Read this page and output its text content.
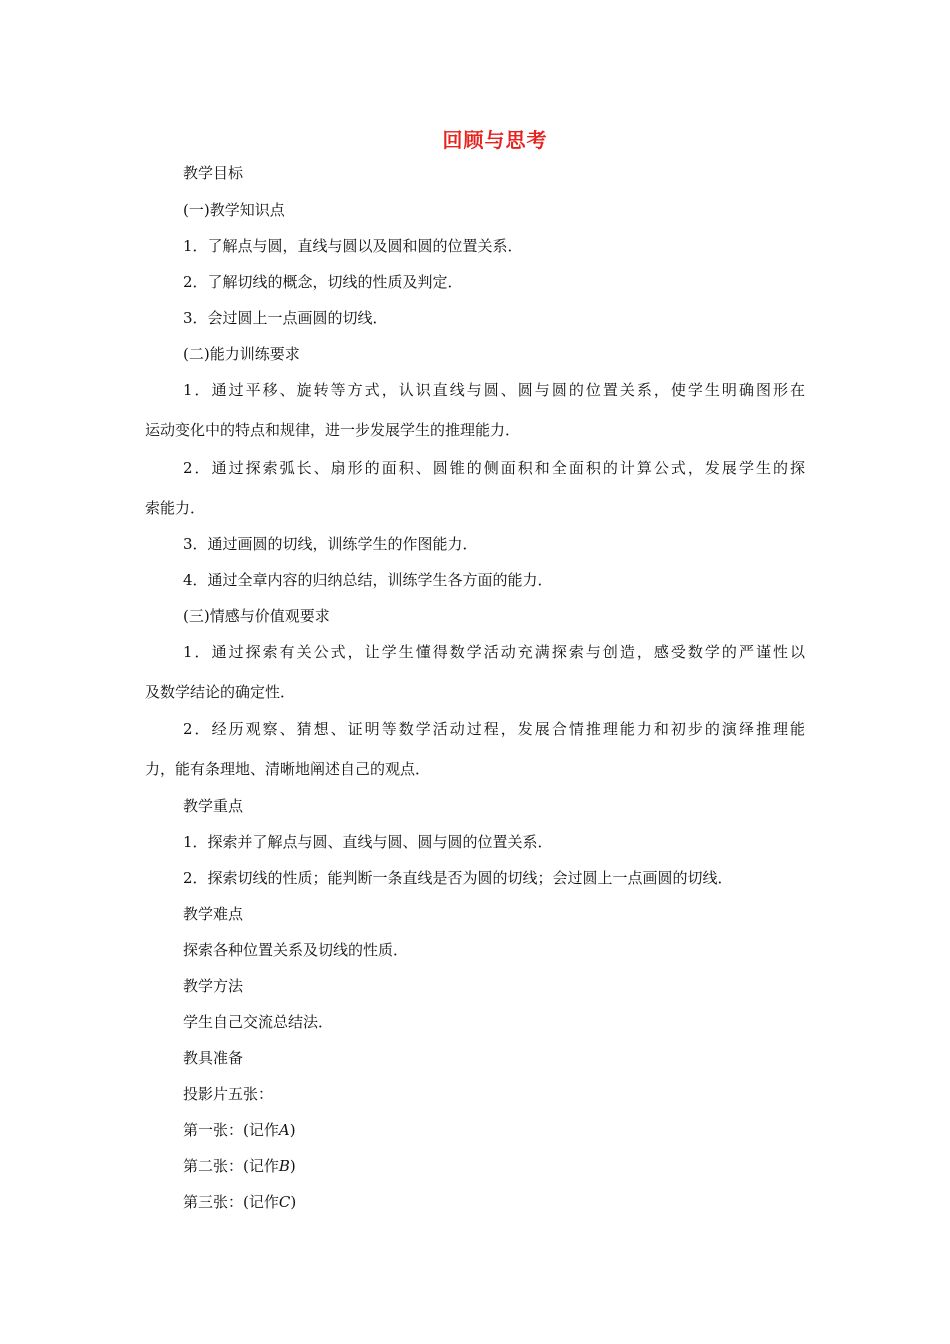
回顾与思考
教学目标
(一)教学知识点
1．了解点与圆，直线与圆以及圆和圆的位置关系．
2．了解切线的概念，切线的性质及判定．
3．会过圆上一点画圆的切线．
(二)能力训练要求
1．通过平移、旋转等方式，认识直线与圆、圆与圆的位置关系，使学生明确图形在
运动变化中的特点和规律，进一步发展学生的推理能力．
2．通过探索弧长、扇形的面积、圆锥的侧面积和全面积的计算公式，发展学生的探
索能力．
3．通过画圆的切线，训练学生的作图能力．
4．通过全章内容的归纳总结，训练学生各方面的能力．
(三)情感与价值观要求
1．通过探索有关公式，让学生懂得数学活动充满探索与创造，感受数学的严谨性以
及数学结论的确定性．
2．经历观察、猜想、证明等数学活动过程，发展合情推理能力和初步的演绎推理能
力，能有条理地、清晰地阐述自己的观点．
教学重点
1．探索并了解点与圆、直线与圆、圆与圆的位置关系．
2．探索切线的性质；能判断一条直线是否为圆的切线；会过圆上一点画圆的切线．
教学难点
探索各种位置关系及切线的性质．
教学方法
学生自己交流总结法．
教具准备
投影片五张：
第一张：(记作A)
第二张：(记作B)
第三张：(记作C)
